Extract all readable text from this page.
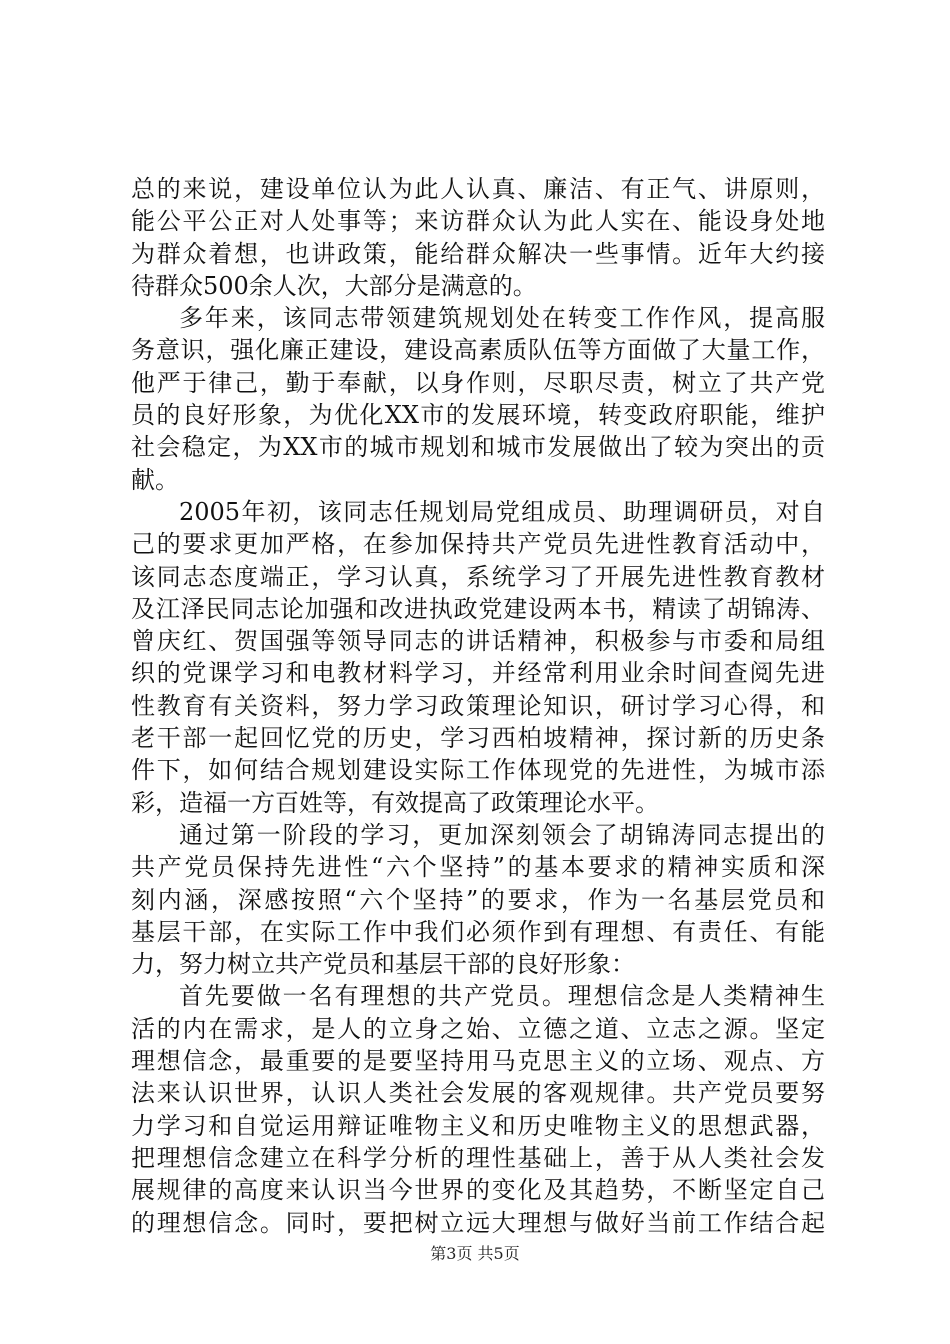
总的来说，建设单位认为此人认真、廉洁、有正气、讲原则，
能公平公正对人处事等；来访群众认为此人实在、能设身处地
为群众着想，也讲政策，能给群众解决一些事情。近年大约接
待群众500余人次，大部分是满意的。
多年来，该同志带领建筑规划处在转变工作作风，提高服
务意识，强化廉正建设，建设高素质队伍等方面做了大量工作，
他严于律己，勤于奉献，以身作则，尽职尽责，树立了共产党
员的良好形象，为优化XX市的发展环境，转变政府职能，维护
社会稳定，为XX市的城市规划和城市发展做出了较为突出的贡
献。
2005年初，该同志任规划局党组成员、助理调研员，对自
己的要求更加严格，在参加保持共产党员先进性教育活动中，
该同志态度端正，学习认真，系统学习了开展先进性教育教材
及江泽民同志论加强和改进执政党建设两本书，精读了胡锦涛、
曾庆红、贺国强等领导同志的讲话精神，积极参与市委和局组
织的党课学习和电教材料学习，并经常利用业余时间查阅先进
性教育有关资料，努力学习政策理论知识，研讨学习心得，和
老干部一起回忆党的历史，学习西柏坡精神，探讨新的历史条
件下，如何结合规划建设实际工作体现党的先进性，为城市添
彩，造福一方百姓等，有效提高了政策理论水平。
通过第一阶段的学习，更加深刻领会了胡锦涛同志提出的
共产党员保持先进性“六个坚持”的基本要求的精神实质和深
刻内涵，深感按照“六个坚持”的要求，作为一名基层党员和
基层干部，在实际工作中我们必须作到有理想、有责任、有能
力，努力树立共产党员和基层干部的良好形象：
首先要做一名有理想的共产党员。理想信念是人类精神生
活的内在需求，是人的立身之始、立德之道、立志之源。坚定
理想信念，最重要的是要坚持用马克思主义的立场、观点、方
法来认识世界，认识人类社会发展的客观规律。共产党员要努
力学习和自觉运用辩证唯物主义和历史唯物主义的思想武器，
把理想信念建立在科学分析的理性基础上，善于从人类社会发
展规律的高度来认识当今世界的变化及其趋势，不断坚定自己
的理想信念。同时，要把树立远大理想与做好当前工作结合起
第3页 共5页
